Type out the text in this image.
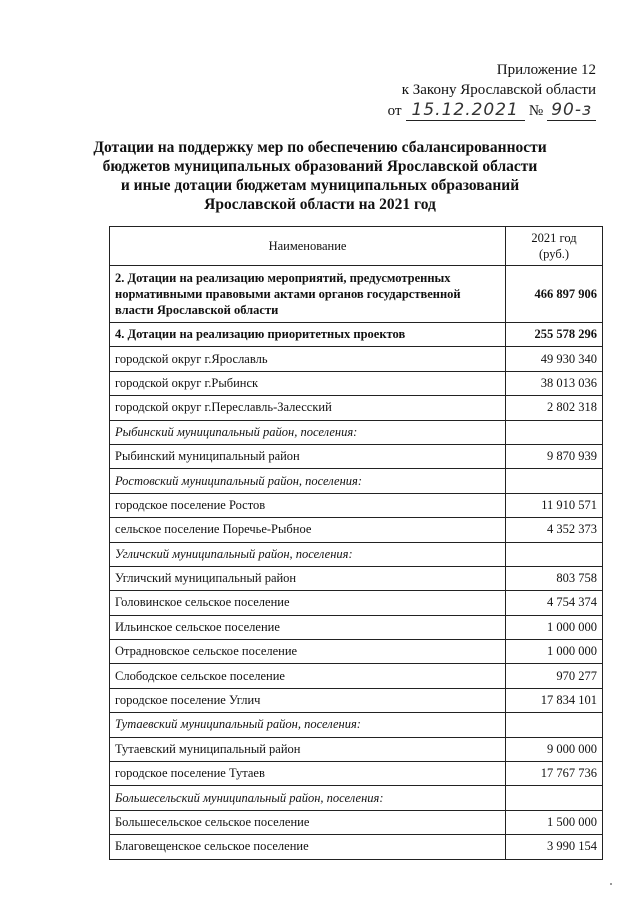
Приложение 12
к Закону Ярославской области
от 15.12.2021 № 90-з
Дотации на поддержку мер по обеспечению сбалансированности
бюджетов муниципальных образований Ярославской области
и иные дотации бюджетам муниципальных образований
Ярославской области на 2021 год
Наименование	2021 год
(руб.)

2. Дотации на реализацию мероприятий, предусмотренных нормативными правовыми актами органов государственной власти Ярославской области	466 897 906
4. Дотации на реализацию приоритетных проектов	255 578 296
городской округ г.Ярославль	49 930 340
городской округ г.Рыбинск	38 013 036
городской округ г.Переславль-Залесский	2 802 318
Рыбинский муниципальный район, поселения:	
Рыбинский муниципальный район	9 870 939
Ростовский муниципальный район, поселения:	
городское поселение Ростов	11 910 571
сельское поселение Поречье-Рыбное	4 352 373
Угличский муниципальный район, поселения:	
Угличский муниципальный район	803 758
Головинское сельское поселение	4 754 374
Ильинское сельское поселение	1 000 000
Отрадновское сельское поселение	1 000 000
Слободское сельское поселение	970 277
городское поселение Углич	17 834 101
Тутаевский муниципальный район, поселения:	
Тутаевский муниципальный район	9 000 000
городское поселение Тутаев	17 767 736
Большесельский муниципальный район, поселения:	
Большесельское сельское поселение	1 500 000
Благовещенское сельское поселение	3 990 154
